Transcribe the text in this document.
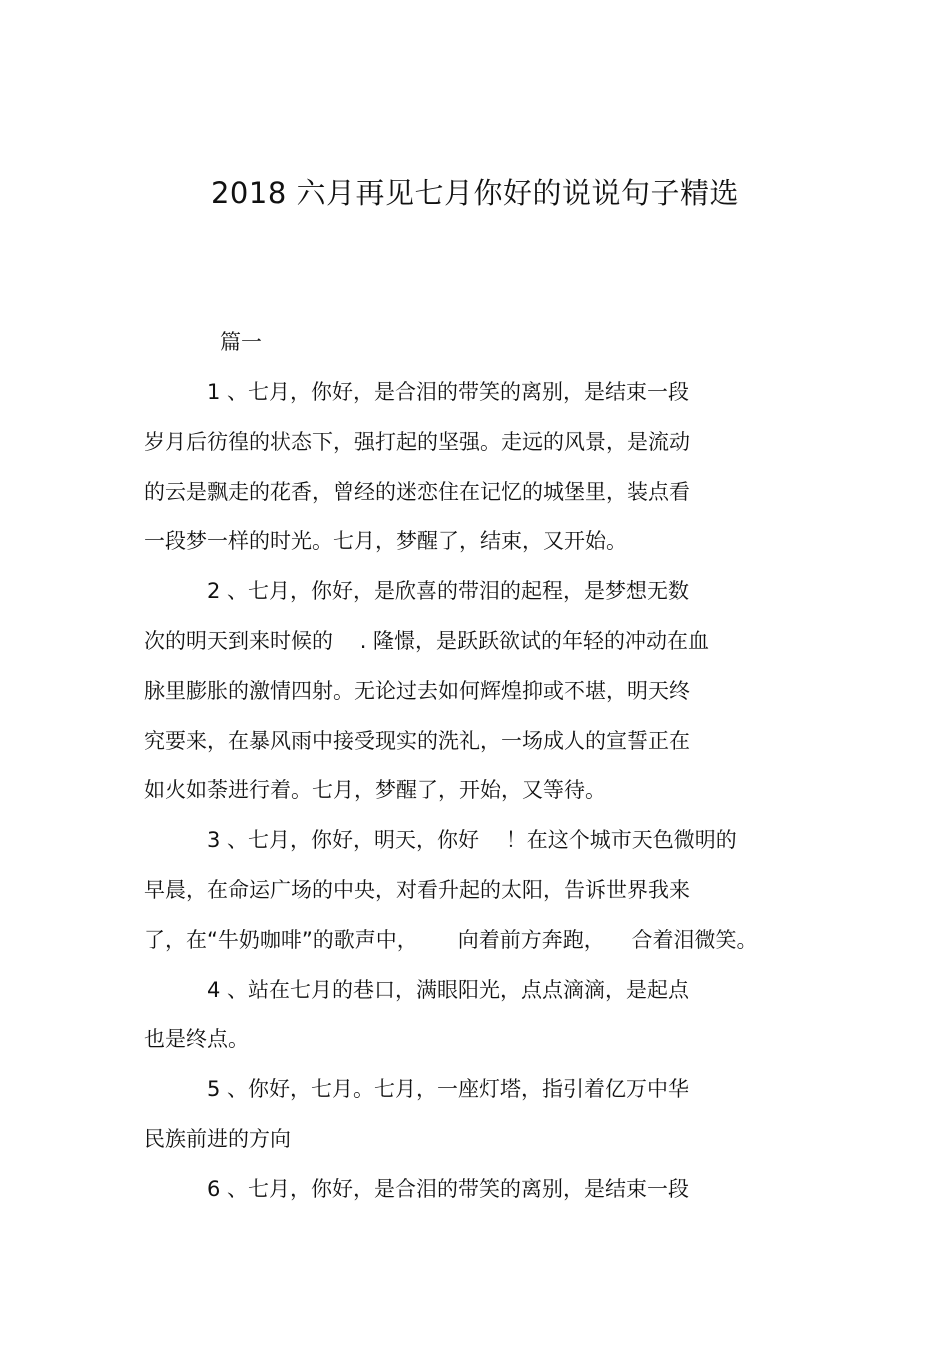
2018 六月再见七月你好的说说句子精选

篇一

1 、七月，你好，是合泪的带笑的离别，是结束一段

岁月后彷徨的状态下，强打起的坚强。走远的风景，是流动

的云是飘走的花香，曾经的迷恋住在记忆的城堡里，装点看

一段梦一样的时光。七月，梦醒了，结束，又开始。

2 、七月，你好，是欣喜的带泪的起程，是梦想无数

次的明天到来时候的    . 隆憬，是跃跃欲试的年轻的冲动在血

脉里膨胀的激情四射。无论过去如何辉煌抑或不堪，明天终

究要来，在暴风雨中接受现实的洗礼，一场成人的宣誓正在

如火如荼进行着。七月，梦醒了，开始，又等待。

3 、七月，你好，明天，你好    ！在这个城市天色微明的

早晨，在命运广场的中央，对看升起的太阳，告诉世界我来

了，在“牛奶咖啡”的歌声中，      向着前方奔跑，    合着泪微笑。

4 、站在七月的巷口，满眼阳光，点点滴滴，是起点

也是终点。

5 、你好，七月。七月，一座灯塔，指引着亿万中华

民族前进的方向

6 、七月，你好，是合泪的带笑的离别，是结束一段
